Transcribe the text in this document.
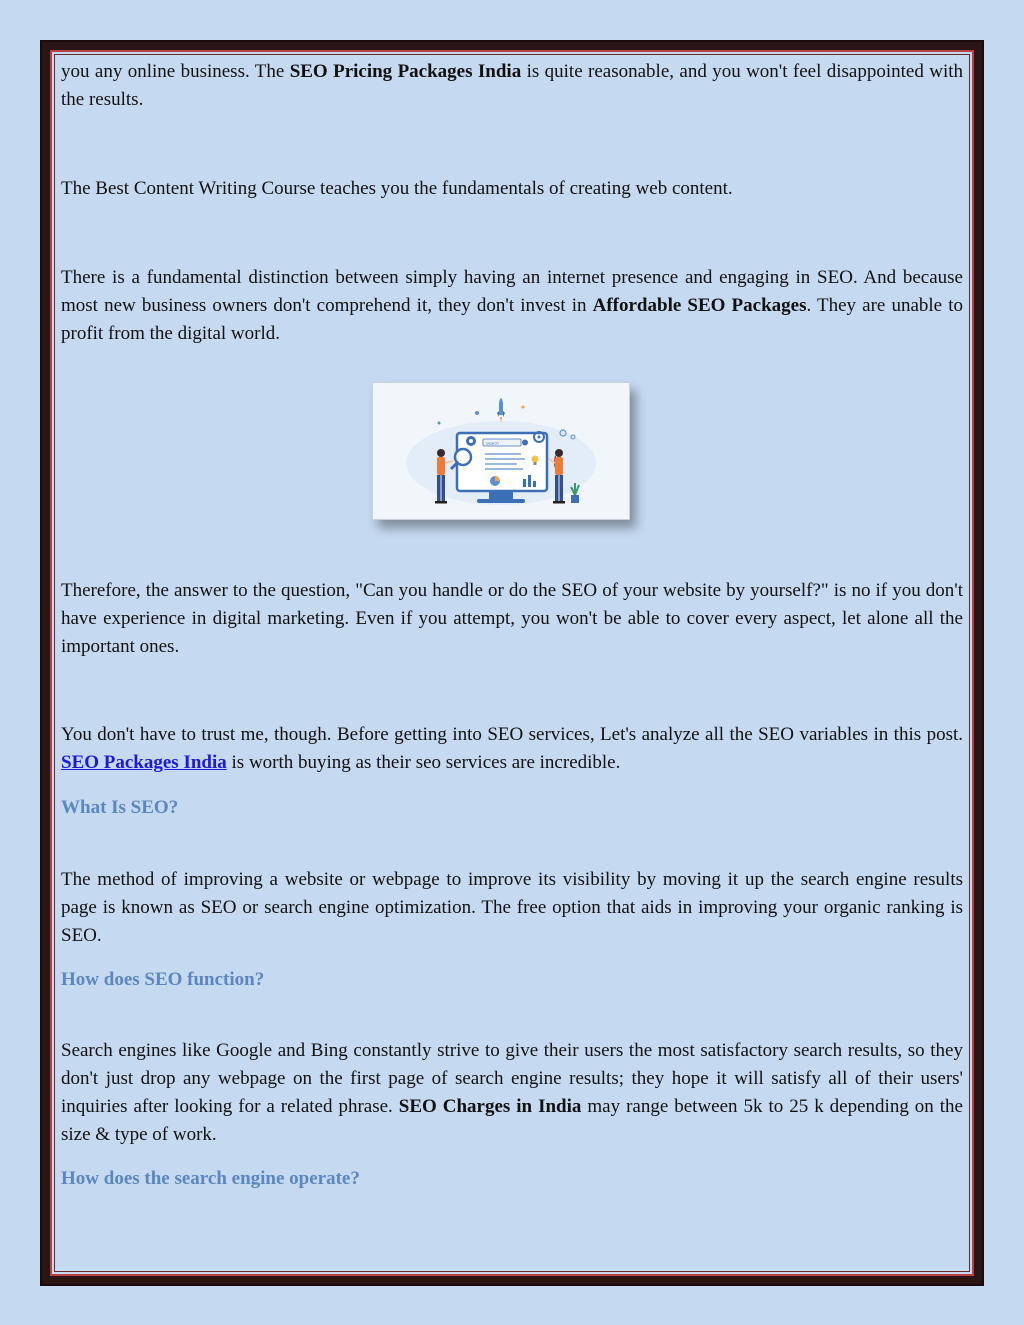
you any online business. The SEO Pricing Packages India is quite reasonable, and you won't feel disappointed with the results.

The Best Content Writing Course teaches you the fundamentals of creating web content.

There is a fundamental distinction between simply having an internet presence and engaging in SEO. And because most new business owners don't comprehend it, they don't invest in Affordable SEO Packages. They are unable to profit from the digital world.

Therefore, the answer to the question, "Can you handle or do the SEO of your website by yourself?" is no if you don't have experience in digital marketing. Even if you attempt, you won't be able to cover every aspect, let alone all the important ones.

You don't have to trust me, though. Before getting into SEO services, Let's analyze all the SEO variables in this post. SEO Packages India is worth buying as their seo services are incredible.

What Is SEO?

The method of improving a website or webpage to improve its visibility by moving it up the search engine results page is known as SEO or search engine optimization. The free option that aids in improving your organic ranking is SEO.

How does SEO function?

Search engines like Google and Bing constantly strive to give their users the most satisfactory search results, so they don't just drop any webpage on the first page of search engine results; they hope it will satisfy all of their users' inquiries after looking for a related phrase. SEO Charges in India may range between 5k to 25 k depending on the size & type of work.

How does the search engine operate?
Search
